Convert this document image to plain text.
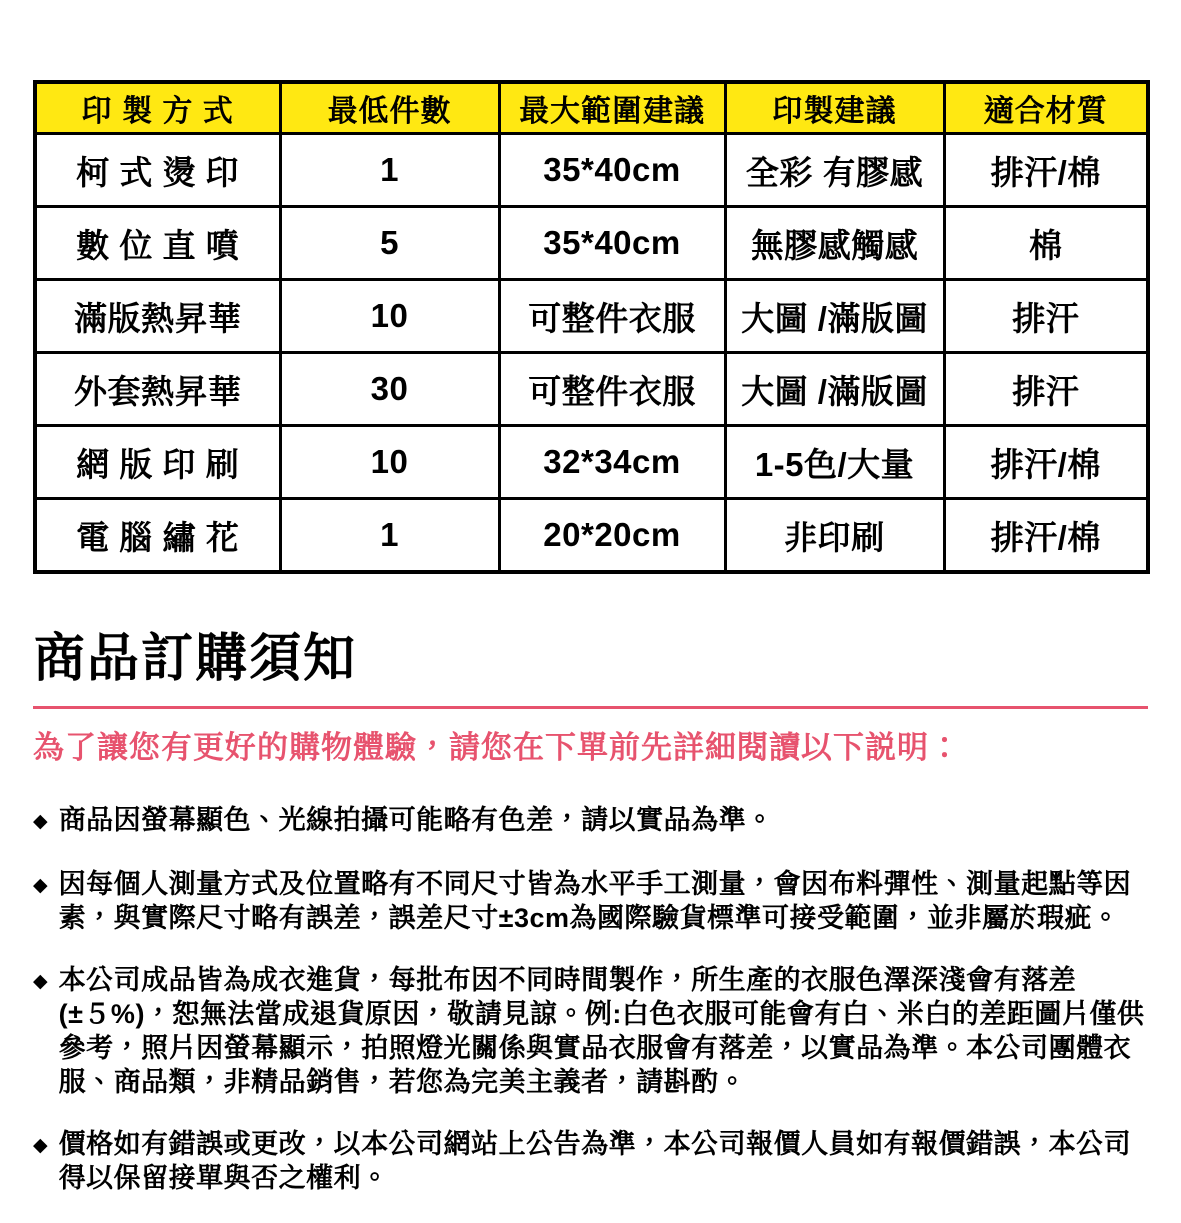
印 製 方 式	最低件數	最大範圍建議	印製建議	適合材質
柯 式 燙 印	1	35*40cm	全彩 有膠感	排汗/棉
數 位 直 噴	5	35*40cm	無膠感觸感	棉
滿版熱昇華	10	可整件衣服	大圖 /滿版圖	排汗
外套熱昇華	30	可整件衣服	大圖 /滿版圖	排汗
網 版 印 刷	10	32*34cm	1-5色/大量	排汗/棉
電 腦 繡 花	1	20*20cm	非印刷	排汗/棉
商品訂購須知

為了讓您有更好的購物體驗，請您在下單前先詳細閱讀以下説明：

◆ 商品因螢幕顯色、光線拍攝可能略有色差，請以實品為準。
◆ 因每個人測量方式及位置略有不同尺寸皆為水平手工測量，會因布料彈性、測量起點等因素，與實際尺寸略有誤差，誤差尺寸±3cm為國際驗貨標準可接受範圍，並非屬於瑕疵。
◆ 本公司成品皆為成衣進貨，每批布因不同時間製作，所生產的衣服色澤深淺會有落差(±５%)，恕無法當成退貨原因，敬請見諒。例:白色衣服可能會有白、米白的差距圖片僅供參考，照片因螢幕顯示，拍照燈光關係與實品衣服會有落差，以實品為準。本公司團體衣服、商品類，非精品銷售，若您為完美主義者，請斟酌。
◆ 價格如有錯誤或更改，以本公司網站上公告為準，本公司報價人員如有報價錯誤，本公司得以保留接單與否之權利。
